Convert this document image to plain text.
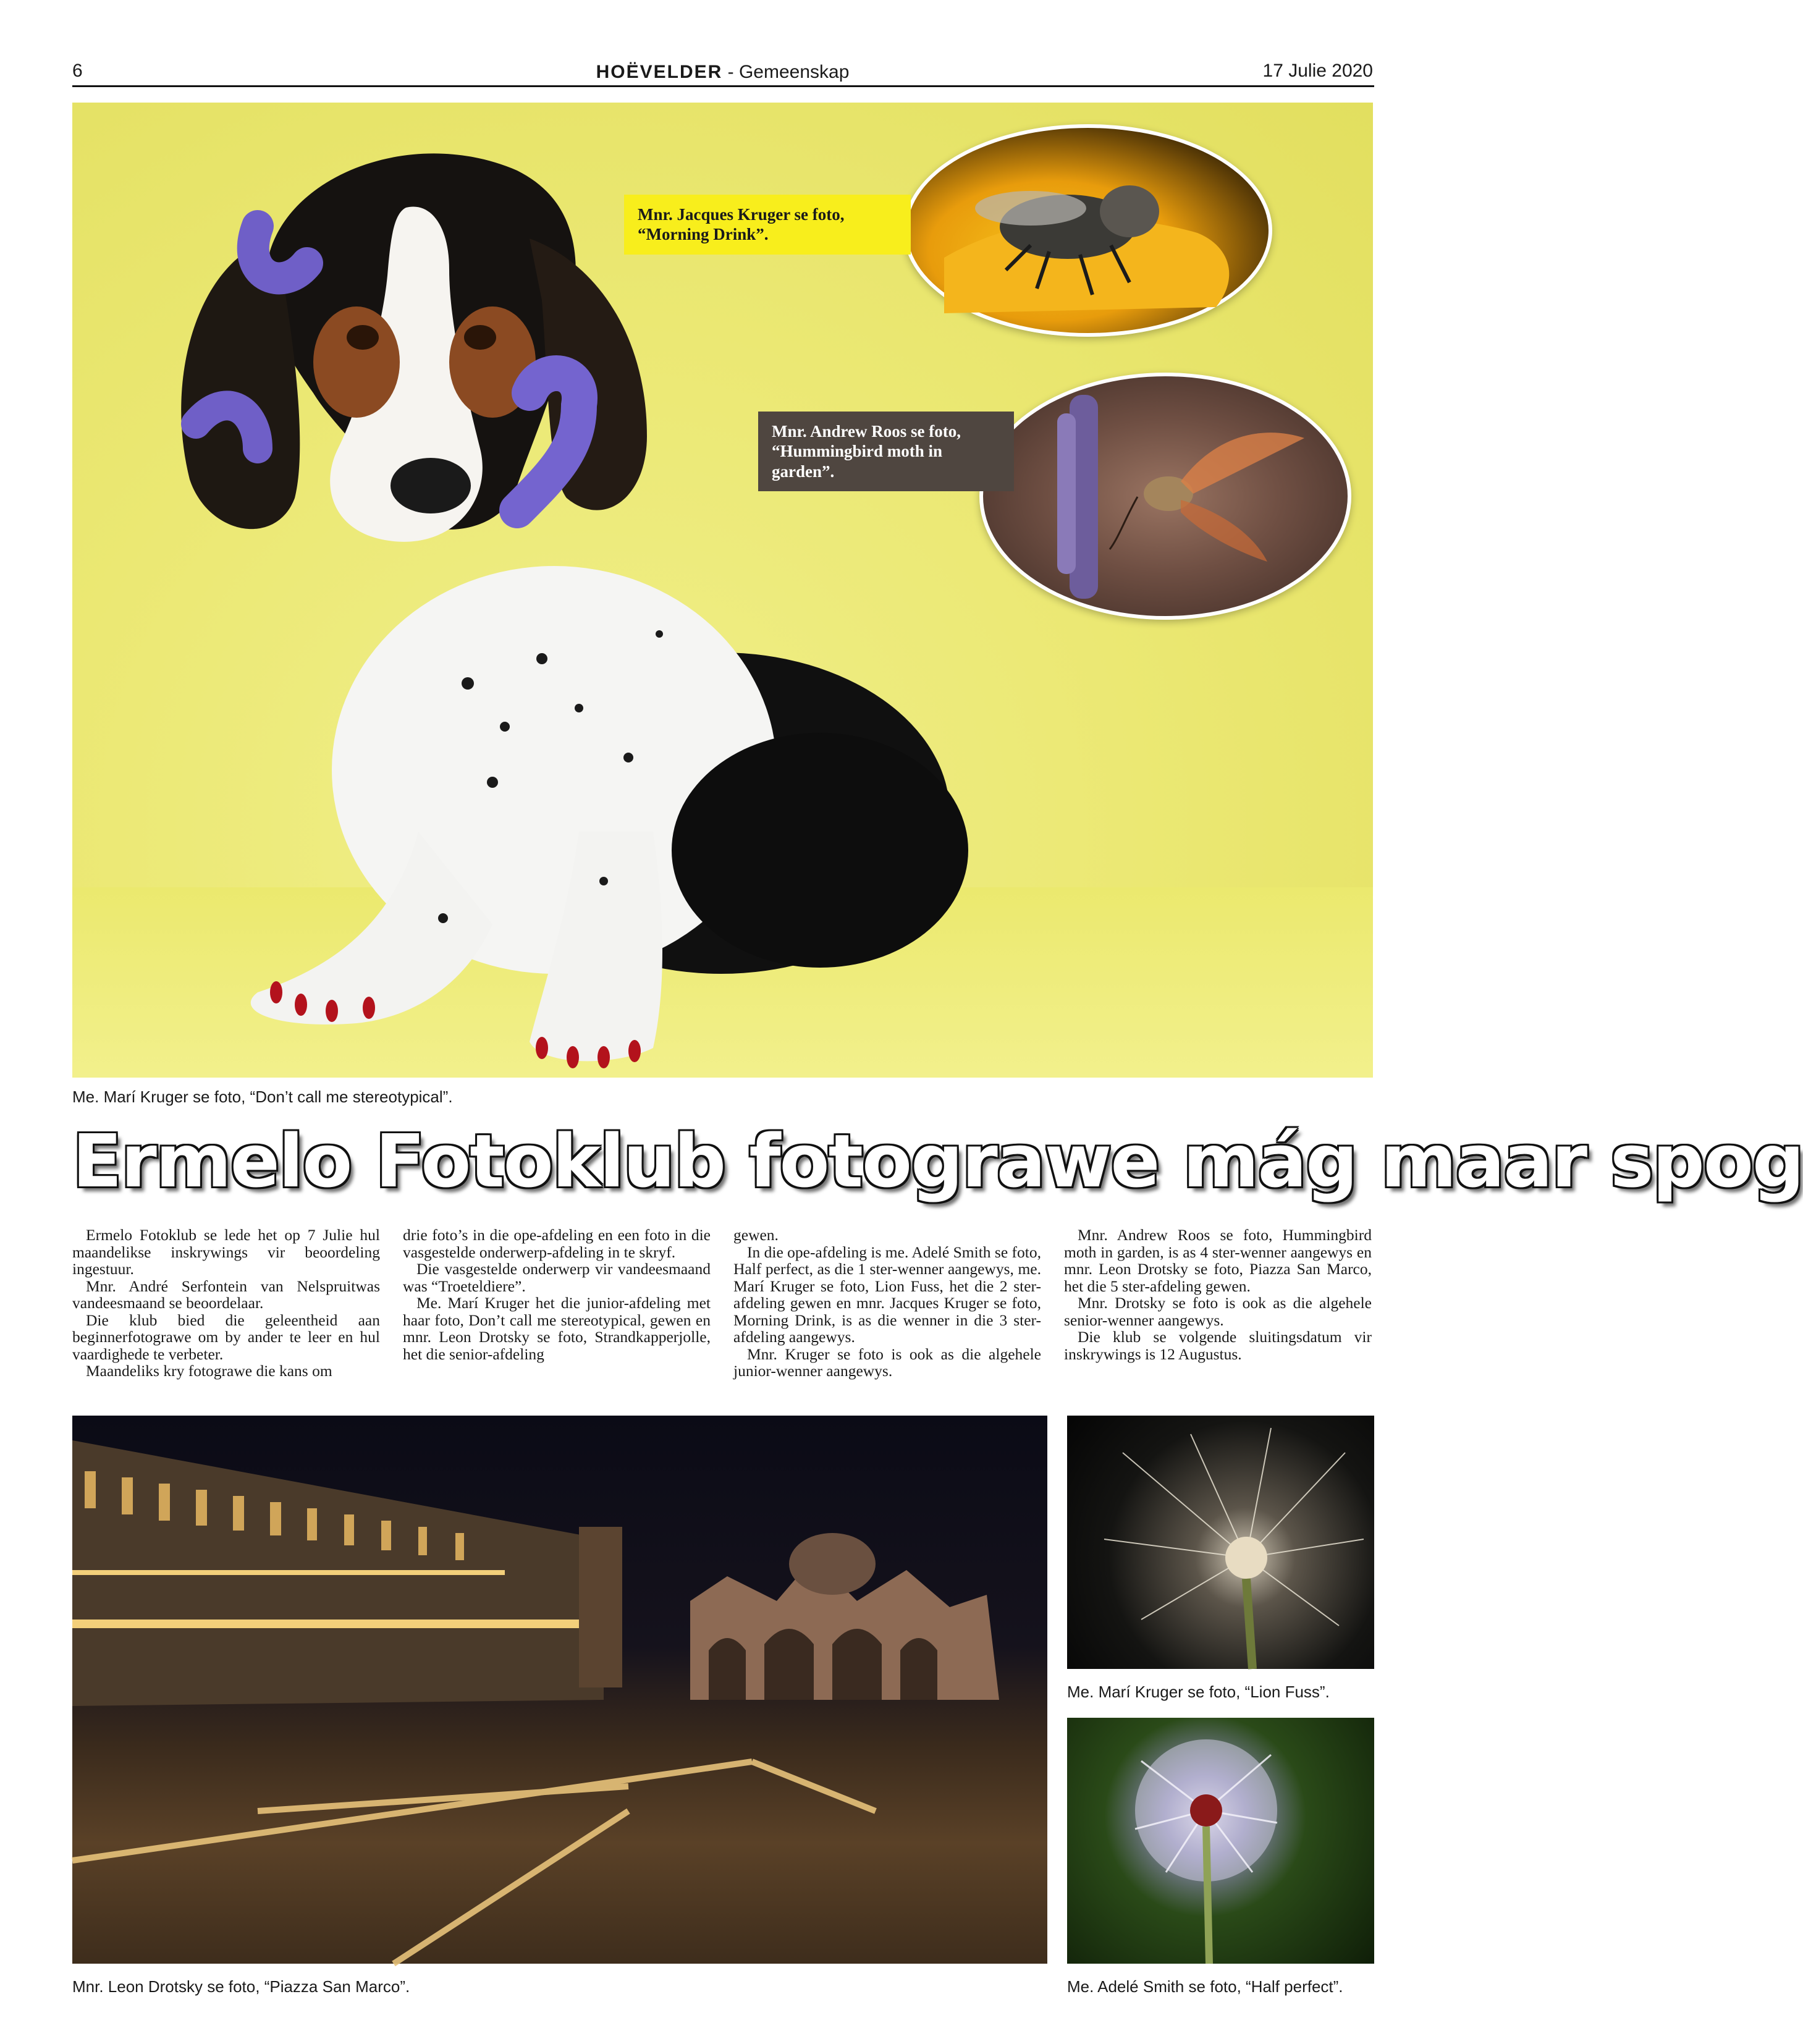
6	HOËVELDER - Gemeenskap	17 Julie 2020
Mnr. Jacques Kruger se foto, “Morning Drink”.
Mnr. Andrew Roos se foto, “Hummingbird moth in garden”.
Me. Marí Kruger se foto, “Don’t call me stereotypical”.
Ermelo Fotoklub fotograwe mág maar spog

Ermelo Fotoklub se lede het op 7 Julie hul maandelikse inskrywings vir beoordeling ingestuur.

Mnr. André Serfontein van Nelspruitwas vandeesmaand se beoordelaar.

Die klub bied die geleentheid aan beginnerfotograwe om by ander te leer en hul vaardighede te verbeter.

Maandeliks kry fotograwe die kans om

drie foto’s in die ope-afdeling en een foto in die vasgestelde onderwerp-afdeling in te skryf.

Die vasgestelde onderwerp vir vandeesmaand was “Troeteldiere”.

Me. Marí Kruger het die junior-afdeling met haar foto, Don’t call me stereotypical, gewen en mnr. Leon Drotsky se foto, Strandkapperjolle, het die senior-afdeling

gewen.

In die ope-afdeling is me. Adelé Smith se foto, Half perfect, as die 1 ster-wenner aangewys, me. Marí Kruger se foto, Lion Fuss, het die 2 ster-afdeling gewen en mnr. Jacques Kruger se foto, Morning Drink, is as die wenner in die 3 ster-afdeling aangewys.

Mnr. Kruger se foto is ook as die algehele junior-wenner aangewys.

Mnr. Andrew Roos se foto, Hummingbird moth in garden, is as 4 ster-wenner aangewys en mnr. Leon Drotsky se foto, Piazza San Marco, het die 5 ster-afdeling gewen.

Mnr. Drotsky se foto is ook as die algehele senior-wenner aangewys.

Die klub se volgende sluitingsdatum vir inskrywings is 12 Augustus.

Mnr. Leon Drotsky se foto, “Piazza San Marco”.
Me. Marí Kruger se foto, “Lion Fuss”.
Me. Adelé Smith se foto, “Half perfect”.
